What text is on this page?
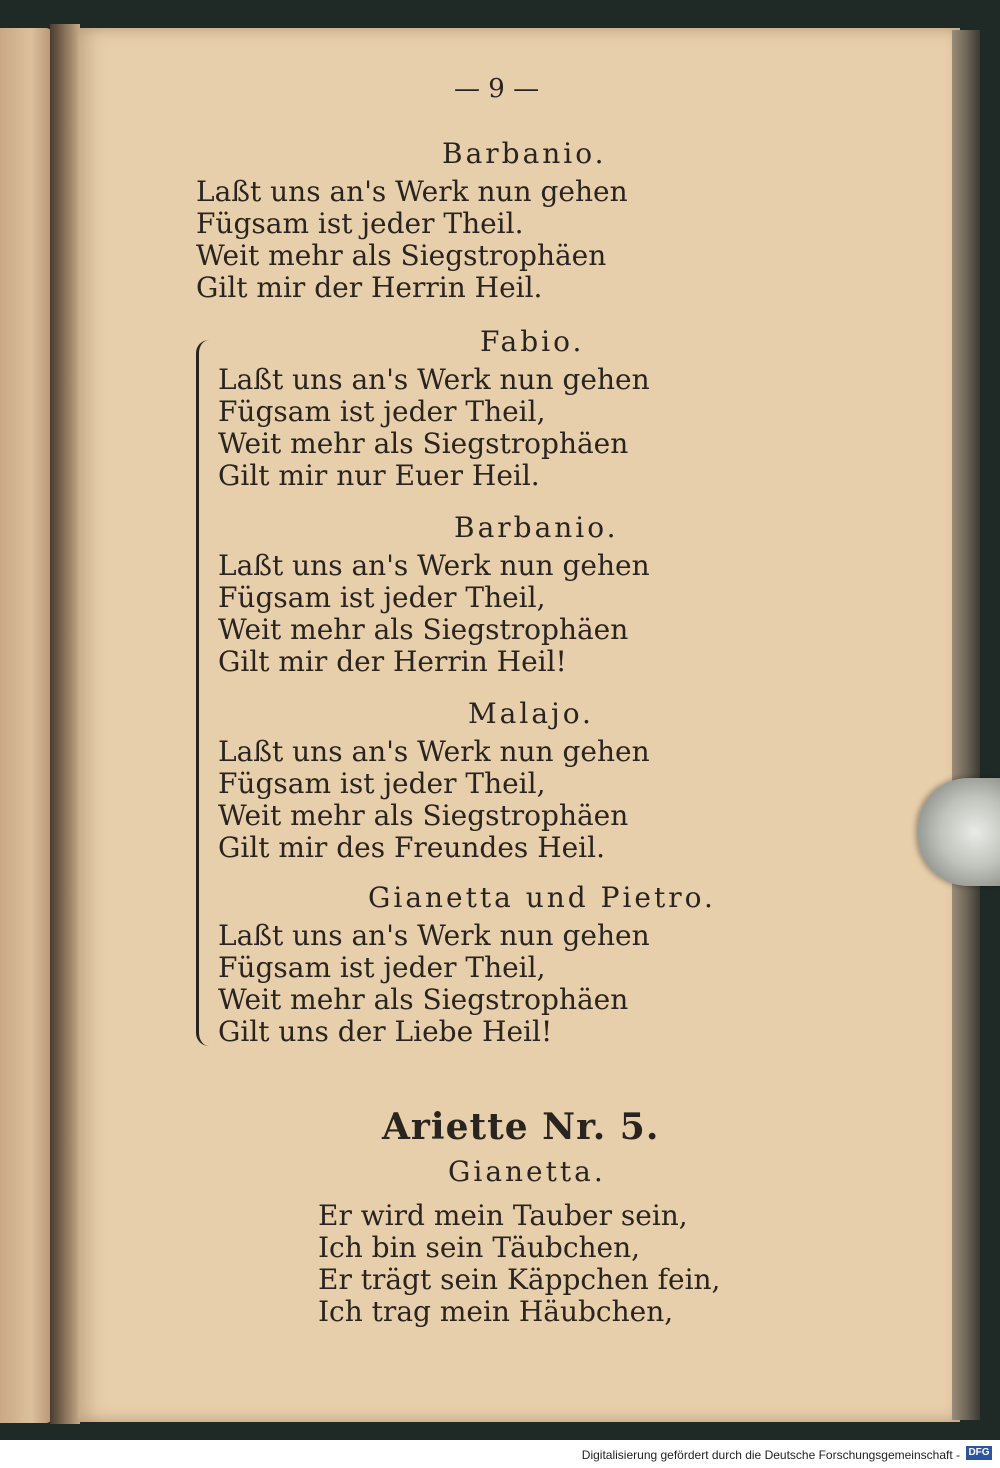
— 9 —
Barbanio.
Laßt uns an's Werk nun gehen
Fügsam ist jeder Theil.
Weit mehr als Siegstrophäen
Gilt mir der Herrin Heil.
Fabio.
Laßt uns an's Werk nun gehen
Fügsam ist jeder Theil,
Weit mehr als Siegstrophäen
Gilt mir nur Euer Heil.
Barbanio.
Laßt uns an's Werk nun gehen
Fügsam ist jeder Theil,
Weit mehr als Siegstrophäen
Gilt mir der Herrin Heil!
Malajo.
Laßt uns an's Werk nun gehen
Fügsam ist jeder Theil,
Weit mehr als Siegstrophäen
Gilt mir des Freundes Heil.
Gianetta und Pietro.
Laßt uns an's Werk nun gehen
Fügsam ist jeder Theil,
Weit mehr als Siegstrophäen
Gilt uns der Liebe Heil!
Ariette Nr. 5.
Gianetta.
Er wird mein Tauber sein,
Ich bin sein Täubchen,
Er trägt sein Käppchen fein,
Ich trag mein Häubchen,
Digitalisierung gefördert durch die Deutsche Forschungsgemeinschaft - DFG
